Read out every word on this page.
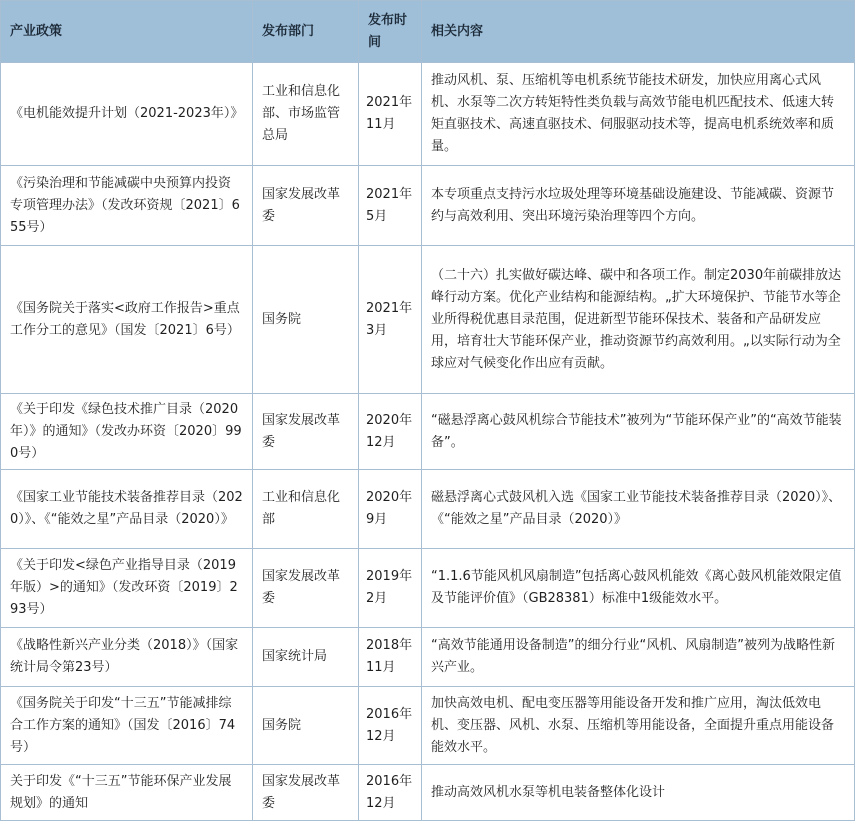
产业政策	发布部门	发布时间	相关内容
《电机能效提升计划（2021-2023年）》	工业和信息化部、市场监管总局	2021年11月	推动风机、泵、压缩机等电机系统节能技术研发，加快应用离心式风机、水泵等二次方转矩特性类负载与高效节能电机匹配技术、低速大转矩直驱技术、高速直驱技术、伺服驱动技术等，提高电机系统效率和质量。
《污染治理和节能减碳中央预算内投资专项管理办法》（发改环资规〔2021〕655号）	国家发展改革委	2021年5月	本专项重点支持污水垃圾处理等环境基础设施建设、节能减碳、资源节约与高效利用、突出环境污染治理等四个方向。
《国务院关于落实<政府工作报告>重点工作分工的意见》（国发〔2021〕6号）	国务院	2021年3月	（二十六）扎实做好碳达峰、碳中和各项工作。制定2030年前碳排放达峰行动方案。优化产业结构和能源结构。„扩大环境保护、节能节水等企业所得税优惠目录范围，促进新型节能环保技术、装备和产品研发应用，培育壮大节能环保产业，推动资源节约高效利用。„以实际行动为全球应对气候变化作出应有贡献。
《关于印发《绿色技术推广目录（2020年）》的通知》（发改办环资〔2020〕990号）	国家发展改革委	2020年12月	“磁悬浮离心鼓风机综合节能技术”被列为“节能环保产业”的“高效节能装备”。
《国家工业节能技术装备推荐目录（2020）》、《“能效之星”产品目录（2020）》	工业和信息化部	2020年9月	磁悬浮离心式鼓风机入选《国家工业节能技术装备推荐目录（2020）》、《“能效之星”产品目录（2020）》
《关于印发<绿色产业指导目录（2019年版）>的通知》（发改环资〔2019〕293号）	国家发展改革委	2019年2月	“1.1.6节能风机风扇制造”包括离心鼓风机能效《离心鼓风机能效限定值及节能评价值》（GB28381）标准中1级能效水平。
《战略性新兴产业分类（2018）》（国家统计局令第23号）	国家统计局	2018年11月	“高效节能通用设备制造”的细分行业“风机、风扇制造”被列为战略性新兴产业。
《国务院关于印发“十三五”节能减排综合工作方案的通知》（国发〔2016〕74号）	国务院	2016年12月	加快高效电机、配电变压器等用能设备开发和推广应用，淘汰低效电机、变压器、风机、水泵、压缩机等用能设备，全面提升重点用能设备能效水平。
关于印发《“十三五”节能环保产业发展规划》的通知	国家发展改革委	2016年12月	推动高效风机水泵等机电装备整体化设计
